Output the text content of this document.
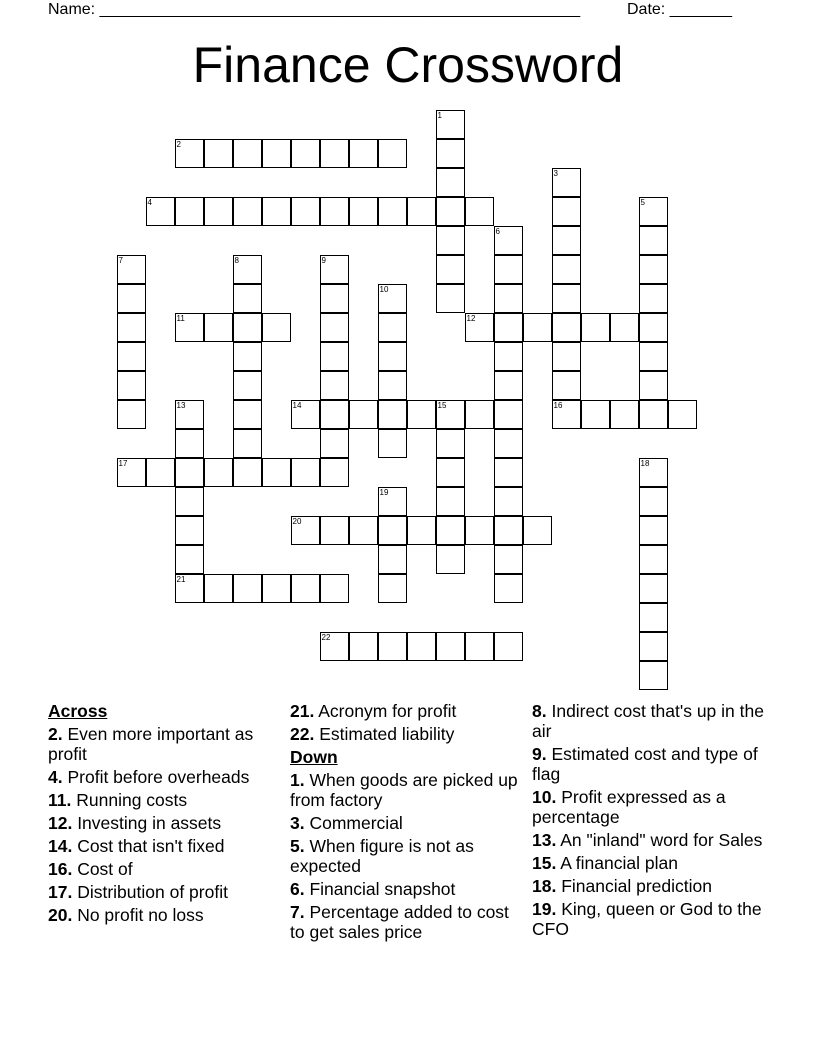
Name: ______________________________________________________	Date: _______
Finance Crossword
1
2
3
4	5
6
7	8	9
10
11	12
13
21
14	15	16
17	18
19
20
22
Across
2. Even more important as profit
4. Profit before overheads
11. Running costs
12. Investing in assets
14. Cost that isn't fixed
16. Cost of
17. Distribution of profit
20. No profit no loss
21. Acronym for profit
22. Estimated liability
Down
1. When goods are picked up from factory
3. Commercial
5. When figure is not as expected
6. Financial snapshot
7. Percentage added to cost to get sales price
8. Indirect cost that's up in the air
9. Estimated cost and type of flag
10. Profit expressed as a percentage
13. An "inland" word for Sales
15. A financial plan
18. Financial prediction
19. King, queen or God to the CFO
